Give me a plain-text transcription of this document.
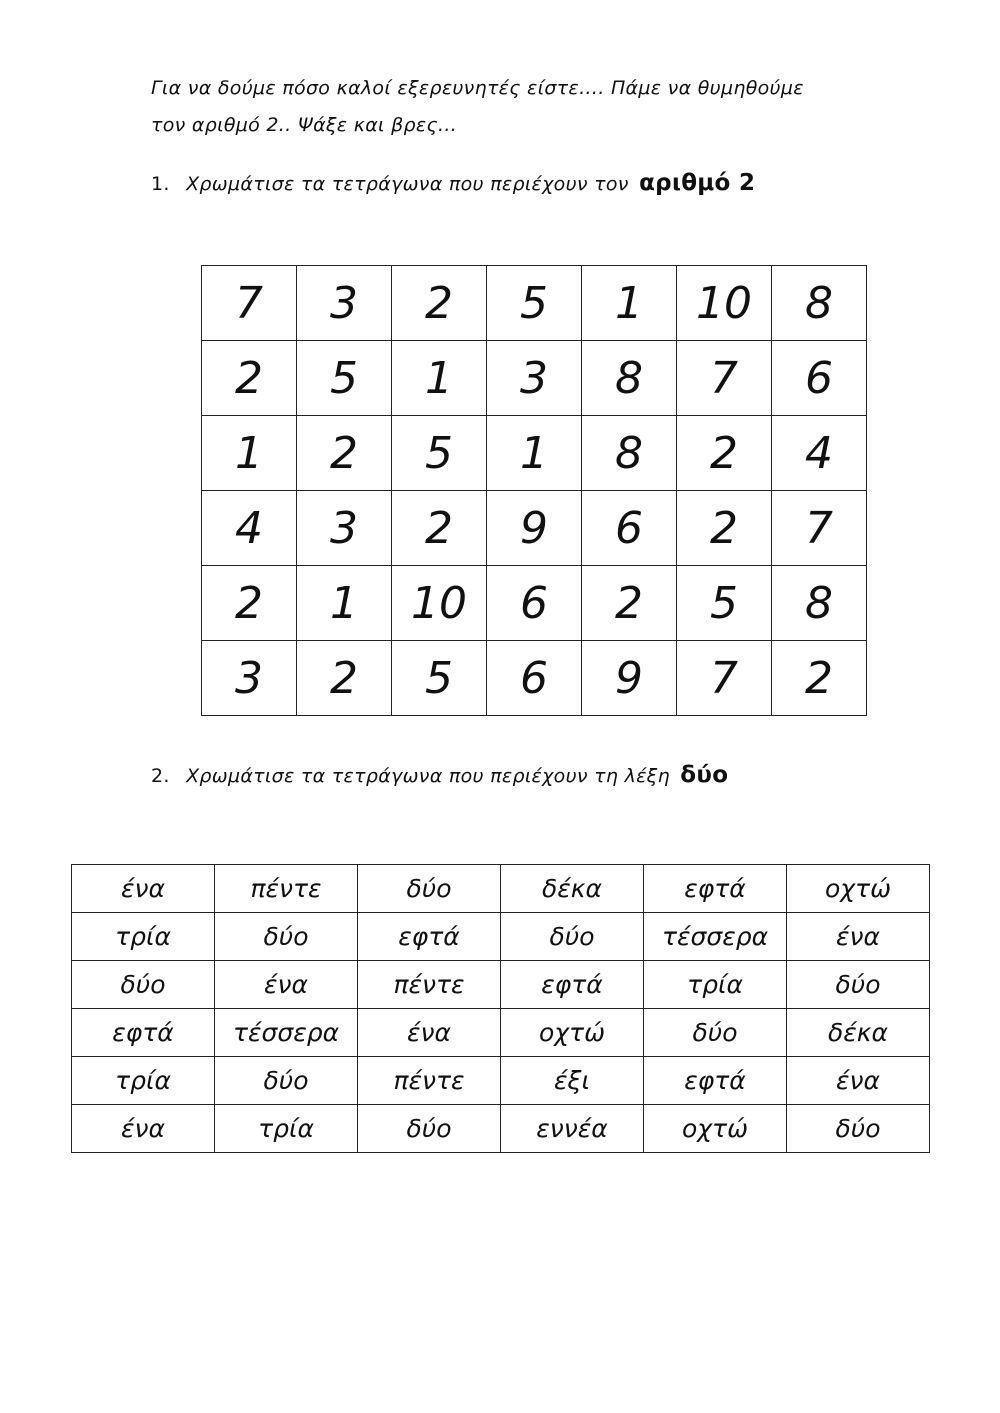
Για να δούμε πόσο καλοί εξερευνητές είστε…. Πάμε να θυμηθούμε

τον αριθμό 2.. Ψάξε και βρες…

1. Χρωμάτισε τα τετράγωνα που περιέχουν τον αριθμό 2
7	3	2	5	1	10	8
2	5	1	3	8	7	6
1	2	5	1	8	2	4
4	3	2	9	6	2	7
2	1	10	6	2	5	8
3	2	5	6	9	7	2
2. Χρωμάτισε τα τετράγωνα που περιέχουν τη λέξη δύο
ένα	πέντε	δύο	δέκα	εφτά	οχτώ
τρία	δύο	εφτά	δύο	τέσσερα	ένα
δύο	ένα	πέντε	εφτά	τρία	δύο
εφτά	τέσσερα	ένα	οχτώ	δύο	δέκα
τρία	δύο	πέντε	έξι	εφτά	ένα
ένα	τρία	δύο	εννέα	οχτώ	δύο
